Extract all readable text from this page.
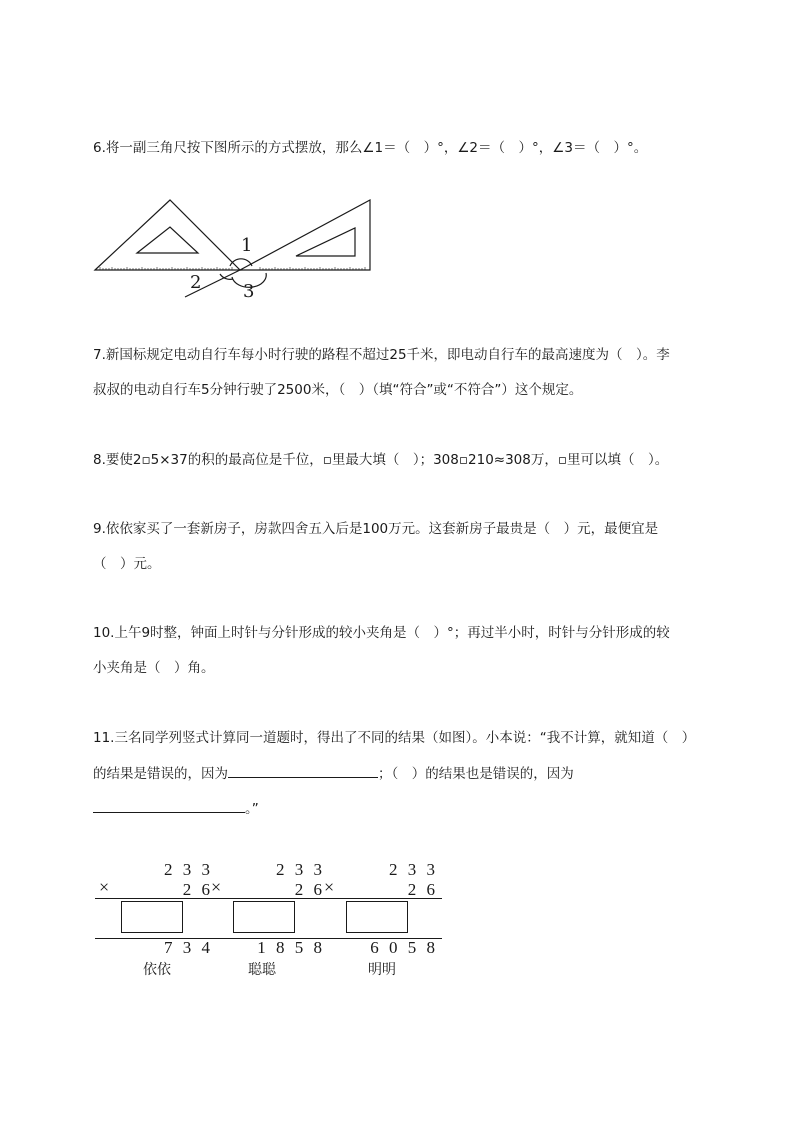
6.将一副三角尺按下图所示的方式摆放，那么∠1＝（　）°，∠2＝（　）°，∠3＝（　）°。
1
2 3
7.新国标规定电动自行车每小时行驶的路程不超过25千米，即电动自行车的最高速度为（　）。李
叔叔的电动自行车5分钟行驶了2500米，（　）（填“符合”或“不符合”）这个规定。
8.要使2▫5×37的积的最高位是千位，▫里最大填（　）；308▫210≈308万，▫里可以填（　）。
9.依依家买了一套新房子，房款四舍五入后是100万元。这套新房子最贵是（　）元，最便宜是
（　）元。
10.上午9时整，钟面上时针与分针形成的较小夹角是（　）°；再过半小时，时针与分针形成的较
小夹角是（　）角。
11.三名同学列竖式计算同一道题时，得出了不同的结果（如图）。小本说：“我不计算，就知道（　）
的结果是错误的，因为	；（　）的结果也是错误的，因为
。”
2 3 3
×	2 6
7 3 4
依依
2 3 3
×	2 6
1 8 5 8
聪聪
2 3 3
×	2 6
6 0 5 8
明明
